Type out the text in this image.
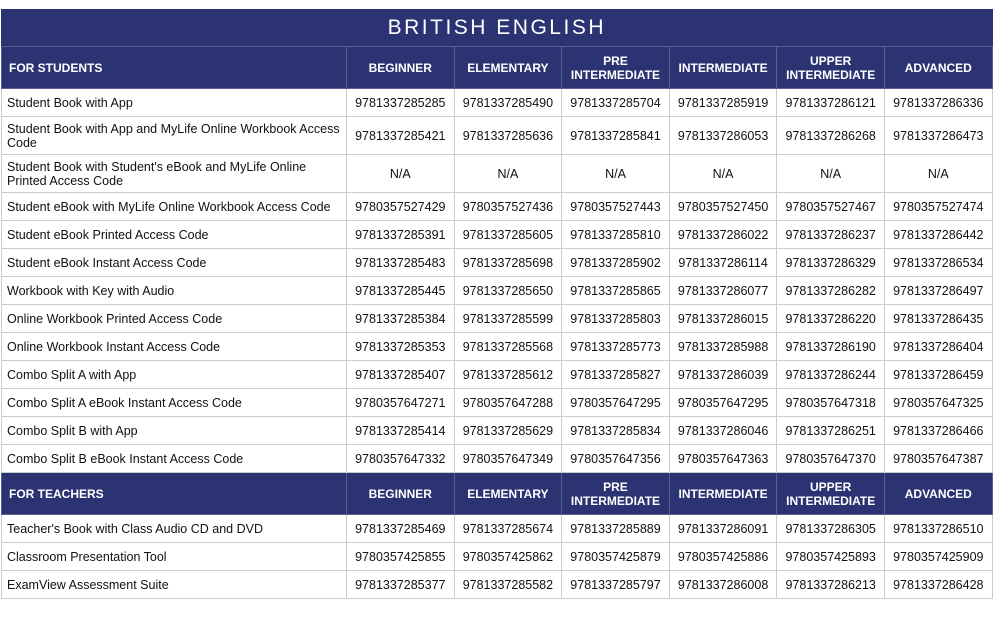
BRITISH ENGLISH						
FOR STUDENTS	BEGINNER	ELEMENTARY	PRE INTERMEDIATE	INTERMEDIATE	UPPER INTERMEDIATE	ADVANCED
Student Book with App	9781337285285	9781337285490	9781337285704	9781337285919	9781337286121	9781337286336
Student Book with App and MyLife Online Workbook Access Code	9781337285421	9781337285636	9781337285841	9781337286053	9781337286268	9781337286473
Student Book with Student's eBook and MyLife Online Printed Access Code	N/A	N/A	N/A	N/A	N/A	N/A
Student eBook with MyLife Online Workbook Access Code	9780357527429	9780357527436	9780357527443	9780357527450	9780357527467	9780357527474
Student eBook Printed Access Code	9781337285391	9781337285605	9781337285810	9781337286022	9781337286237	9781337286442
Student eBook Instant Access Code	9781337285483	9781337285698	9781337285902	9781337286114	9781337286329	9781337286534
Workbook with Key with Audio	9781337285445	9781337285650	9781337285865	9781337286077	9781337286282	9781337286497
Online Workbook Printed Access Code	9781337285384	9781337285599	9781337285803	9781337286015	9781337286220	9781337286435
Online Workbook Instant Access Code	9781337285353	9781337285568	9781337285773	9781337285988	9781337286190	9781337286404
Combo Split A with App	9781337285407	9781337285612	9781337285827	9781337286039	9781337286244	9781337286459
Combo Split A eBook Instant Access Code	9780357647271	9780357647288	9780357647295	9780357647295	9780357647318	9780357647325
Combo Split B with App	9781337285414	9781337285629	9781337285834	9781337286046	9781337286251	9781337286466
Combo Split B eBook Instant Access Code	9780357647332	9780357647349	9780357647356	9780357647363	9780357647370	9780357647387
FOR TEACHERS	BEGINNER	ELEMENTARY	PRE INTERMEDIATE	INTERMEDIATE	UPPER INTERMEDIATE	ADVANCED
Teacher's Book with Class Audio CD and DVD	9781337285469	9781337285674	9781337285889	9781337286091	9781337286305	9781337286510
Classroom Presentation Tool	9780357425855	9780357425862	9780357425879	9780357425886	9780357425893	9780357425909
ExamView Assessment Suite	9781337285377	9781337285582	9781337285797	9781337286008	9781337286213	9781337286428
